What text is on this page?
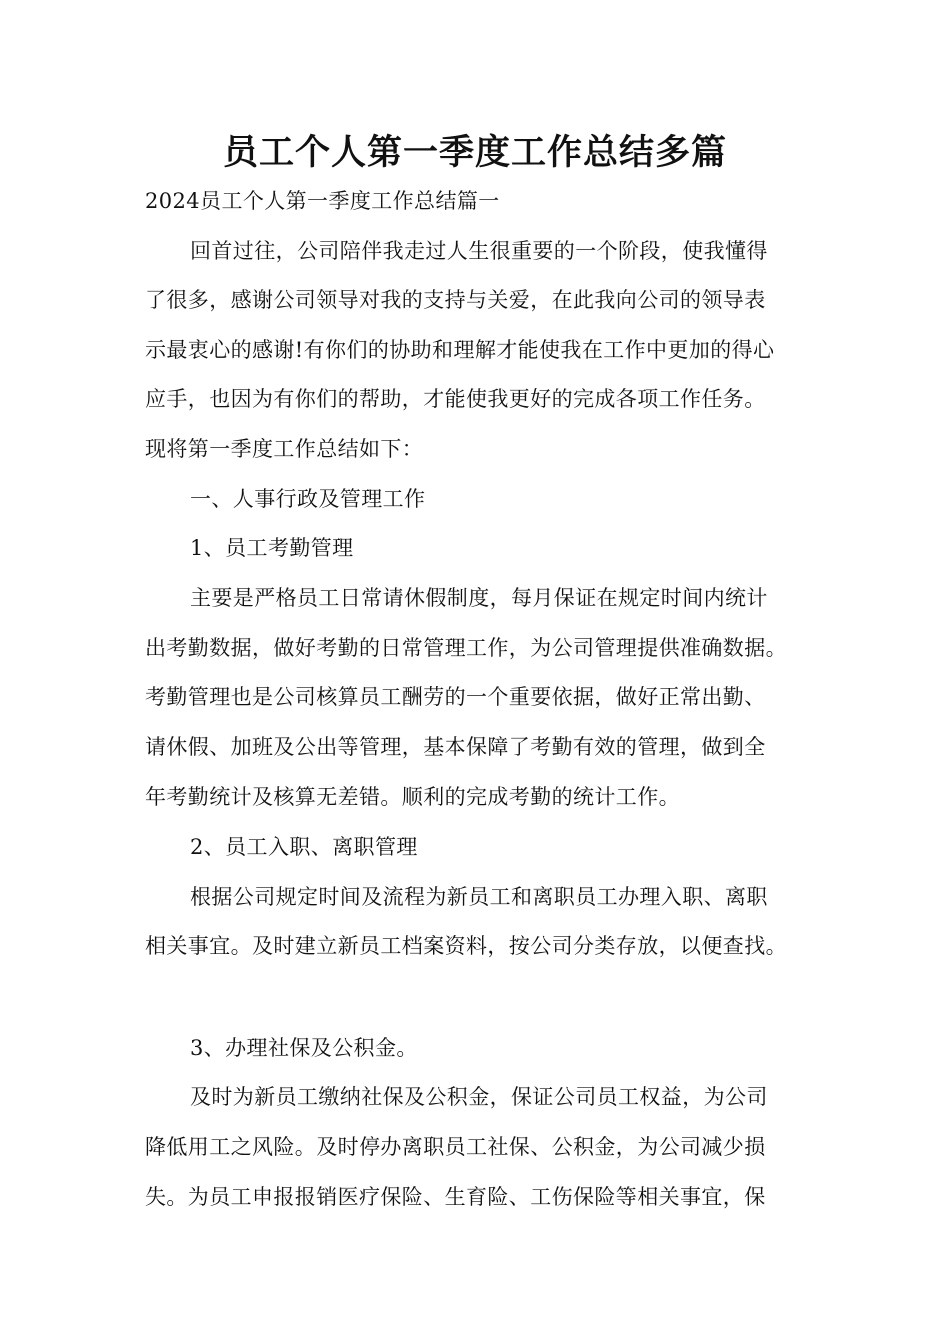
员工个人第一季度工作总结多篇
2024员工个人第一季度工作总结篇一
回首过往，公司陪伴我走过人生很重要的一个阶段，使我懂得
了很多，感谢公司领导对我的支持与关爱，在此我向公司的领导表
示最衷心的感谢!有你们的协助和理解才能使我在工作中更加的得心
应手，也因为有你们的帮助，才能使我更好的完成各项工作任务。
现将第一季度工作总结如下：
一、人事行政及管理工作
1、员工考勤管理
主要是严格员工日常请休假制度，每月保证在规定时间内统计
出考勤数据，做好考勤的日常管理工作，为公司管理提供准确数据。
考勤管理也是公司核算员工酬劳的一个重要依据，做好正常出勤、
请休假、加班及公出等管理，基本保障了考勤有效的管理，做到全
年考勤统计及核算无差错。顺利的完成考勤的统计工作。
2、员工入职、离职管理
根据公司规定时间及流程为新员工和离职员工办理入职、离职
相关事宜。及时建立新员工档案资料，按公司分类存放，以便查找。
3、办理社保及公积金。
及时为新员工缴纳社保及公积金，保证公司员工权益，为公司
降低用工之风险。及时停办离职员工社保、公积金，为公司减少损
失。为员工申报报销医疗保险、生育险、工伤保险等相关事宜，保
